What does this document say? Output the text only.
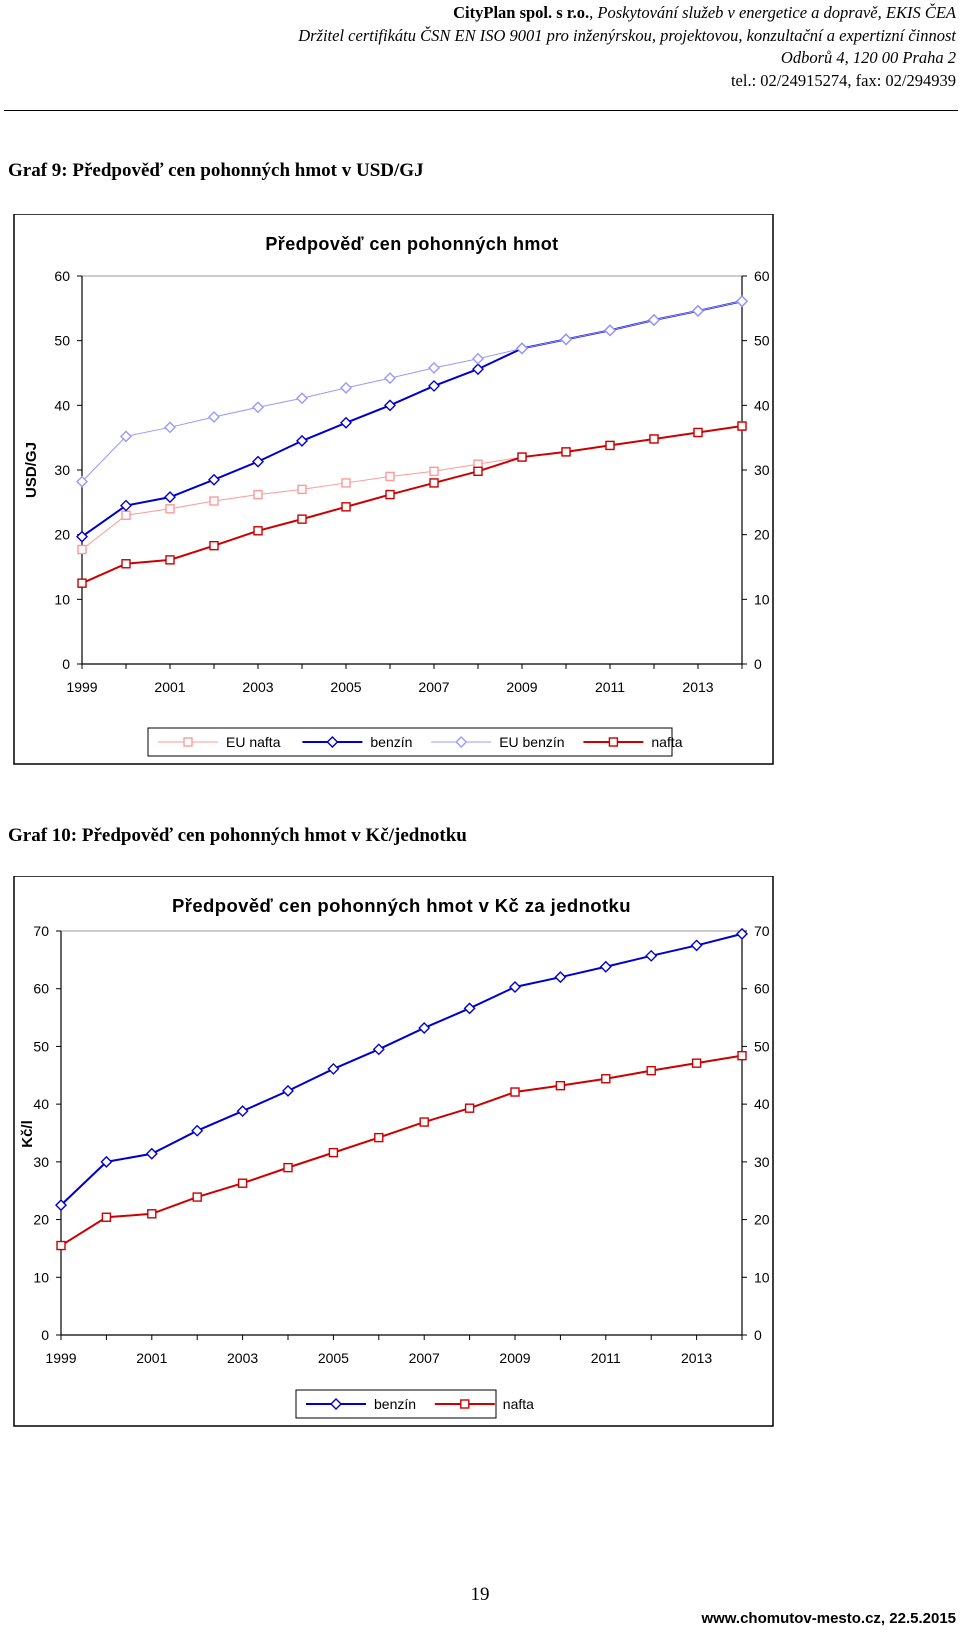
CityPlan spol. s r.o., Poskytování služeb v energetice a dopravě, EKIS ČEA
Držitel certifikátu ČSN EN ISO 9001 pro inženýrskou, projektovou, konzultační a expertizní činnost
Odborů 4, 120 00 Praha 2
tel.: 02/24915274, fax: 02/294939
Graf 9: Předpověď cen pohonných hmot v USD/GJ
Předpověď cen pohonných hmot
0	0
10	10
20	20
30	30
40	40
50	50
60	60
1999	2001	2003	2005	2007	2009	2011	2013
USD/GJ
EU nafta	benzín	EU benzín	nafta
Graf 10: Předpověď cen pohonných hmot v Kč/jednotku
Předpověď cen pohonných hmot v Kč za jednotku
0	0
10	10
20	20
30	30
40	40
50	50
60	60
70	70
1999	2001	2003	2005	2007	2009	2011	2013
Kč/l
benzín	nafta
19
www.chomutov-mesto.cz, 22.5.2015
